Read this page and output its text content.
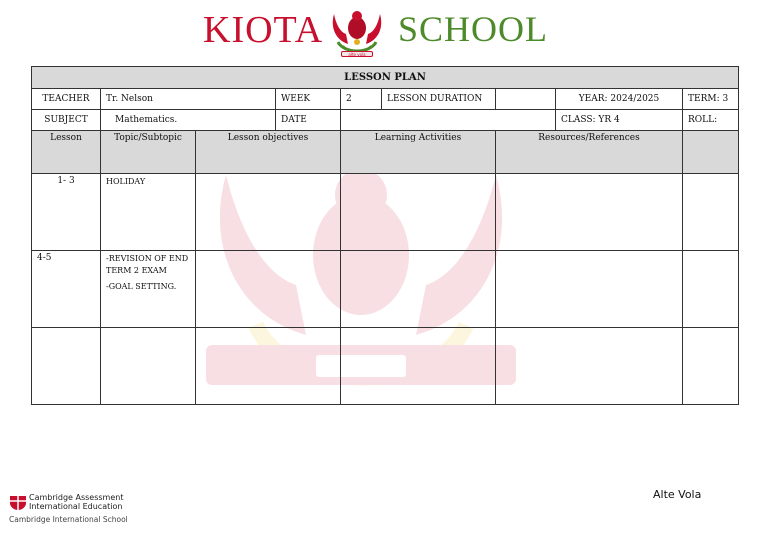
KIOTA
alte vola
SCHOOL
LESSON PLAN								
TEACHER	Tr. Nelson		WEEK	2	LESSON DURATION		YEAR: 2024/2025	TERM: 3
SUBJECT	Mathematics.		DATE				CLASS: YR 4	ROLL:
Lesson	Topic/Subtopic	Lesson objectives		Learning Activities		Resources/References		
1- 3	HOLIDAY							

4-5	-REVISION OF END TERM 2 EXAM
-GOAL SETTING.							

Cambridge Assessment
International Education
Cambridge International School
Alte Vola
